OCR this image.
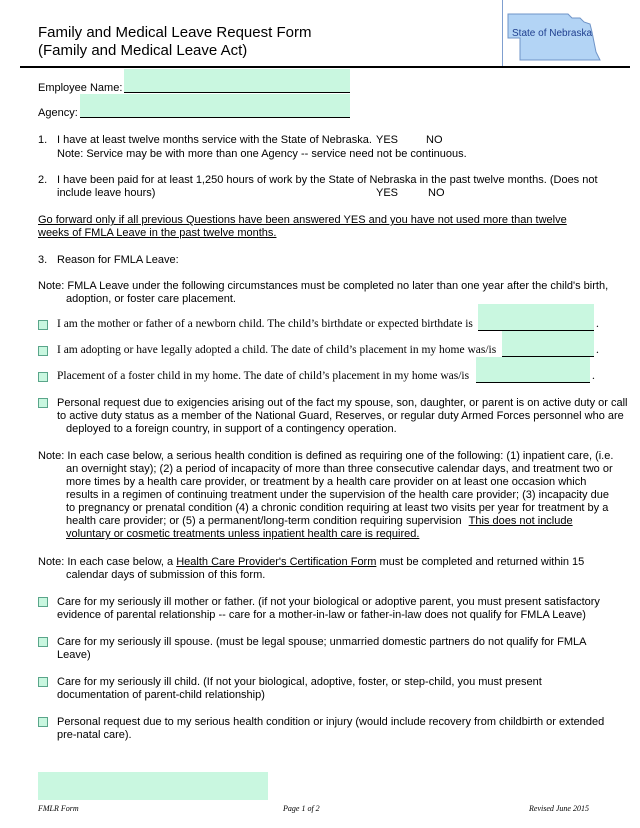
Family and Medical Leave Request Form
(Family and Medical Leave Act)
State of Nebraska
Employee Name:
Agency:
1. I have at least twelve months service with the State of Nebraska. YES	NO
Note: Service may be with more than one Agency -- service need not be continuous.
2. I have been paid for at least 1,250 hours of work by the State of Nebraska in the past twelve months. (Does not
include leave hours)	YES	NO
Go forward only if all previous Questions have been answered YES and you have not used more than twelve
weeks of FMLA Leave in the past twelve months.
3. Reason for FMLA Leave:
Note: FMLA Leave under the following circumstances must be completed no later than one year after the child's birth,
adoption, or foster care placement.
I am the mother or father of a newborn child. The child’s birthdate or expected birthdate is	.
I am adopting or have legally adopted a child. The date of child’s placement in my home was/is	.
Placement of a foster child in my home. The date of child’s placement in my home was/is	.
Personal request due to exigencies arising out of the fact my spouse, son, daughter, or parent is on active duty or call
to active duty status as a member of the National Guard, Reserves, or regular duty Armed Forces personnel who are
deployed to a foreign country, in support of a contingency operation.
Note: In each case below, a serious health condition is defined as requiring one of the following: (1) inpatient care, (i.e.
an overnight stay); (2) a period of incapacity of more than three consecutive calendar days, and treatment two or
more times by a health care provider, or treatment by a health care provider on at least one occasion which
results in a regimen of continuing treatment under the supervision of the health care provider; (3) incapacity due
to pregnancy or prenatal condition (4) a chronic condition requiring at least two visits per year for treatment by a
health care provider; or (5) a permanent/long-term condition requiring supervision This does not include
voluntary or cosmetic treatments unless inpatient health care is required.
Note: In each case below, a Health Care Provider's Certification Form must be completed and returned within 15
calendar days of submission of this form.
Care for my seriously ill mother or father. (if not your biological or adoptive parent, you must present satisfactory
evidence of parental relationship -- care for a mother-in-law or father-in-law does not qualify for FMLA Leave)
Care for my seriously ill spouse. (must be legal spouse; unmarried domestic partners do not qualify for FMLA
Leave)
Care for my seriously ill child. (If not your biological, adoptive, foster, or step-child, you must present
documentation of parent-child relationship)
Personal request due to my serious health condition or injury (would include recovery from childbirth or extended
pre-natal care).
FMLR Form	Page 1 of 2	Revised June 2015
